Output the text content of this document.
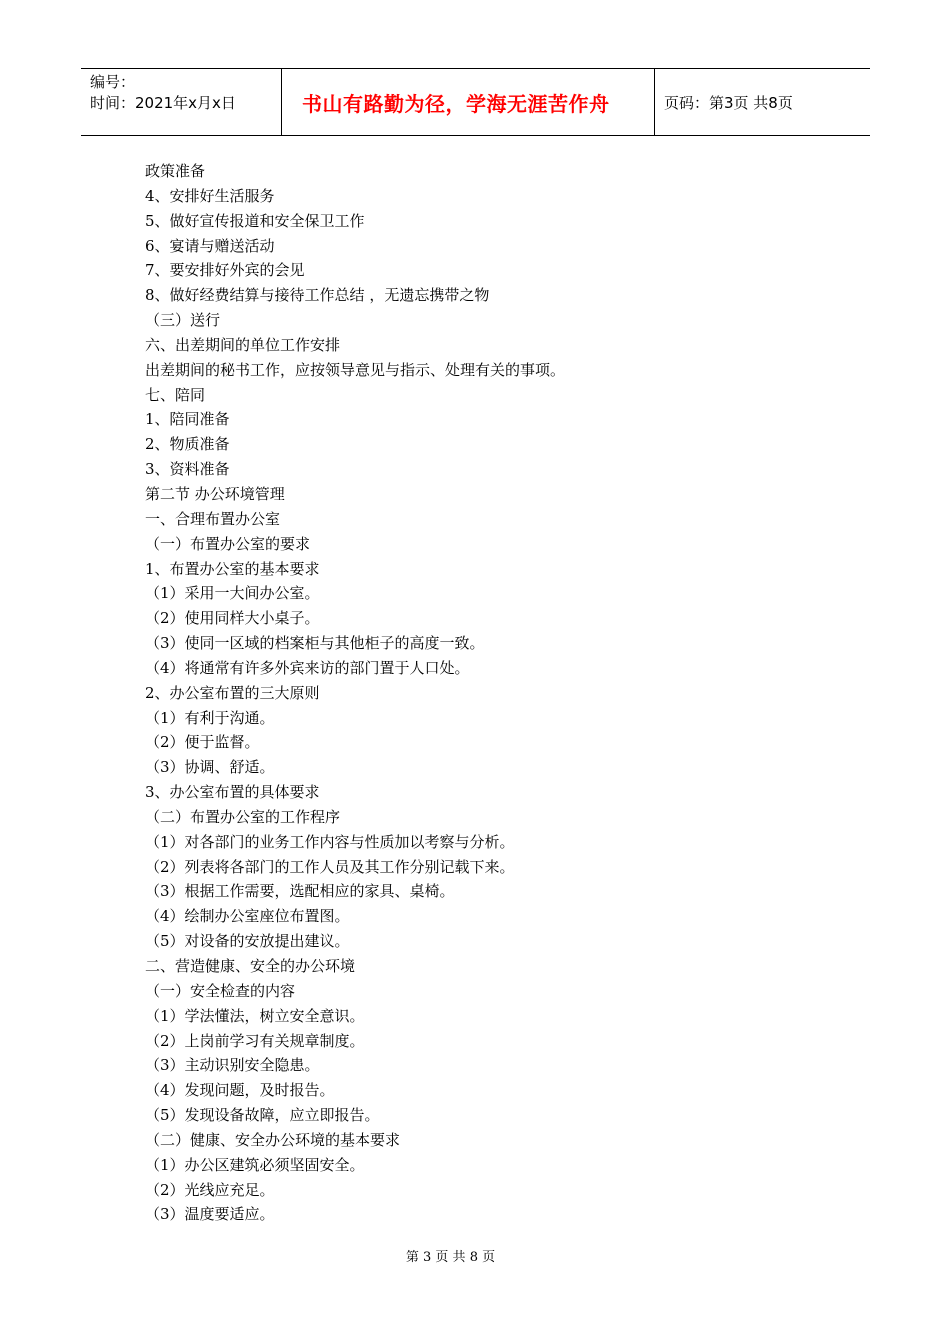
编号：
时间：2021年x月x日	书山有路勤为径，学海无涯苦作舟	页码：第3页 共8页
政策准备
4、安排好生活服务
5、做好宣传报道和安全保卫工作
6、宴请与赠送活动
7、要安排好外宾的会见
8、做好经费结算与接待工作总结 ，无遗忘携带之物
（三）送行
六、出差期间的单位工作安排
出差期间的秘书工作，应按领导意见与指示、处理有关的事项。
七、陪同
1、陪同准备
2、物质准备
3、资料准备
第二节 办公环境管理
一、合理布置办公室
（一）布置办公室的要求
1、布置办公室的基本要求
（1）采用一大间办公室。
（2）使用同样大小桌子。
（3）使同一区域的档案柜与其他柜子的高度一致。
（4）将通常有许多外宾来访的部门置于人口处。
2、办公室布置的三大原则
（1）有利于沟通。
（2）便于监督。
（3）协调、舒适。
3、办公室布置的具体要求
（二）布置办公室的工作程序
（1）对各部门的业务工作内容与性质加以考察与分析。
（2）列表将各部门的工作人员及其工作分别记载下来。
（3）根据工作需要，选配相应的家具、桌椅。
（4）绘制办公室座位布置图。
（5）对设备的安放提出建议。
二、营造健康、安全的办公环境
（一）安全检查的内容
（1）学法懂法，树立安全意识。
（2）上岗前学习有关规章制度。
（3）主动识别安全隐患。
（4）发现问题，及时报告。
（5）发现设备故障，应立即报告。
（二）健康、安全办公环境的基本要求
（1）办公区建筑必须坚固安全。
（2）光线应充足。
（3）温度要适应。
第 3 页 共 8 页
